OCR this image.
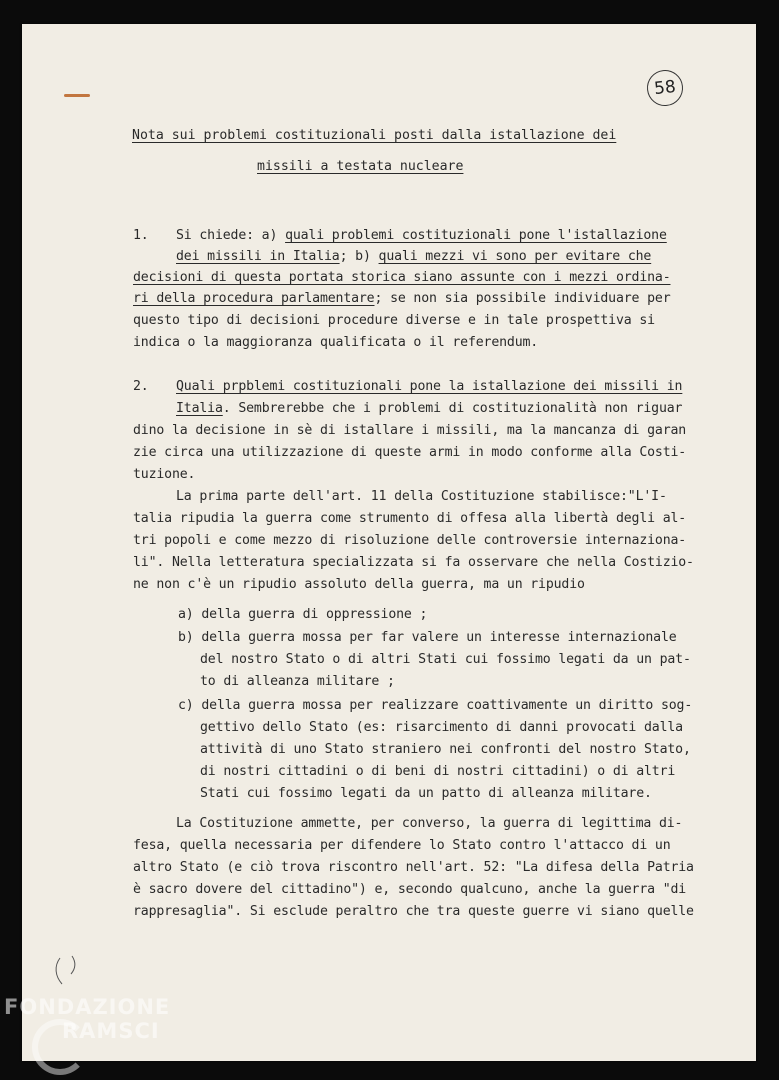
58
Nota sui problemi costituzionali posti dalla istallazione dei
missili a testata nucleare
1. Si chiede: a) quali problemi costituzionali pone l'istallazione
dei missili in Italia; b) quali mezzi vi sono per evitare che
decisioni di questa portata storica siano assunte con i mezzi ordina-
ri della procedura parlamentare; se non sia possibile individuare per
questo tipo di decisioni procedure diverse e in tale prospettiva si
indica o la maggioranza qualificata o il referendum.
2. Quali prpblemi costituzionali pone la istallazione dei missili in
Italia. Sembrerebbe che i problemi di costituzionalità non riguar
dino la decisione in sè di istallare i missili, ma la mancanza di garan
zie circa una utilizzazione di queste armi in modo conforme alla Costi-
tuzione.
La prima parte dell'art. 11 della Costituzione stabilisce:"L'I-
talia ripudia la guerra come strumento di offesa alla libertà degli al-
tri popoli e come mezzo di risoluzione delle controversie internaziona-
li". Nella letteratura specializzata si fa osservare che nella Costizio-
ne non c'è un ripudio assoluto della guerra, ma un ripudio
a) della guerra di oppressione ;
b) della guerra mossa per far valere un interesse internazionale
del nostro Stato o di altri Stati cui fossimo legati da un pat-
to di alleanza militare ;
c) della guerra mossa per realizzare coattivamente un diritto sog-
gettivo dello Stato (es: risarcimento di danni provocati dalla
attività di uno Stato straniero nei confronti del nostro Stato,
di nostri cittadini o di beni di nostri cittadini) o di altri
Stati cui fossimo legati da un patto di alleanza militare.
La Costituzione ammette, per converso, la guerra di legittima di-
fesa, quella necessaria per difendere lo Stato contro l'attacco di un
altro Stato (e ciò trova riscontro nell'art. 52: "La difesa della Patria
è sacro dovere del cittadino") e, secondo qualcuno, anche la guerra "di
rappresaglia". Si esclude peraltro che tra queste guerre vi siano quelle
FONDAZIONE
RAMSCI
